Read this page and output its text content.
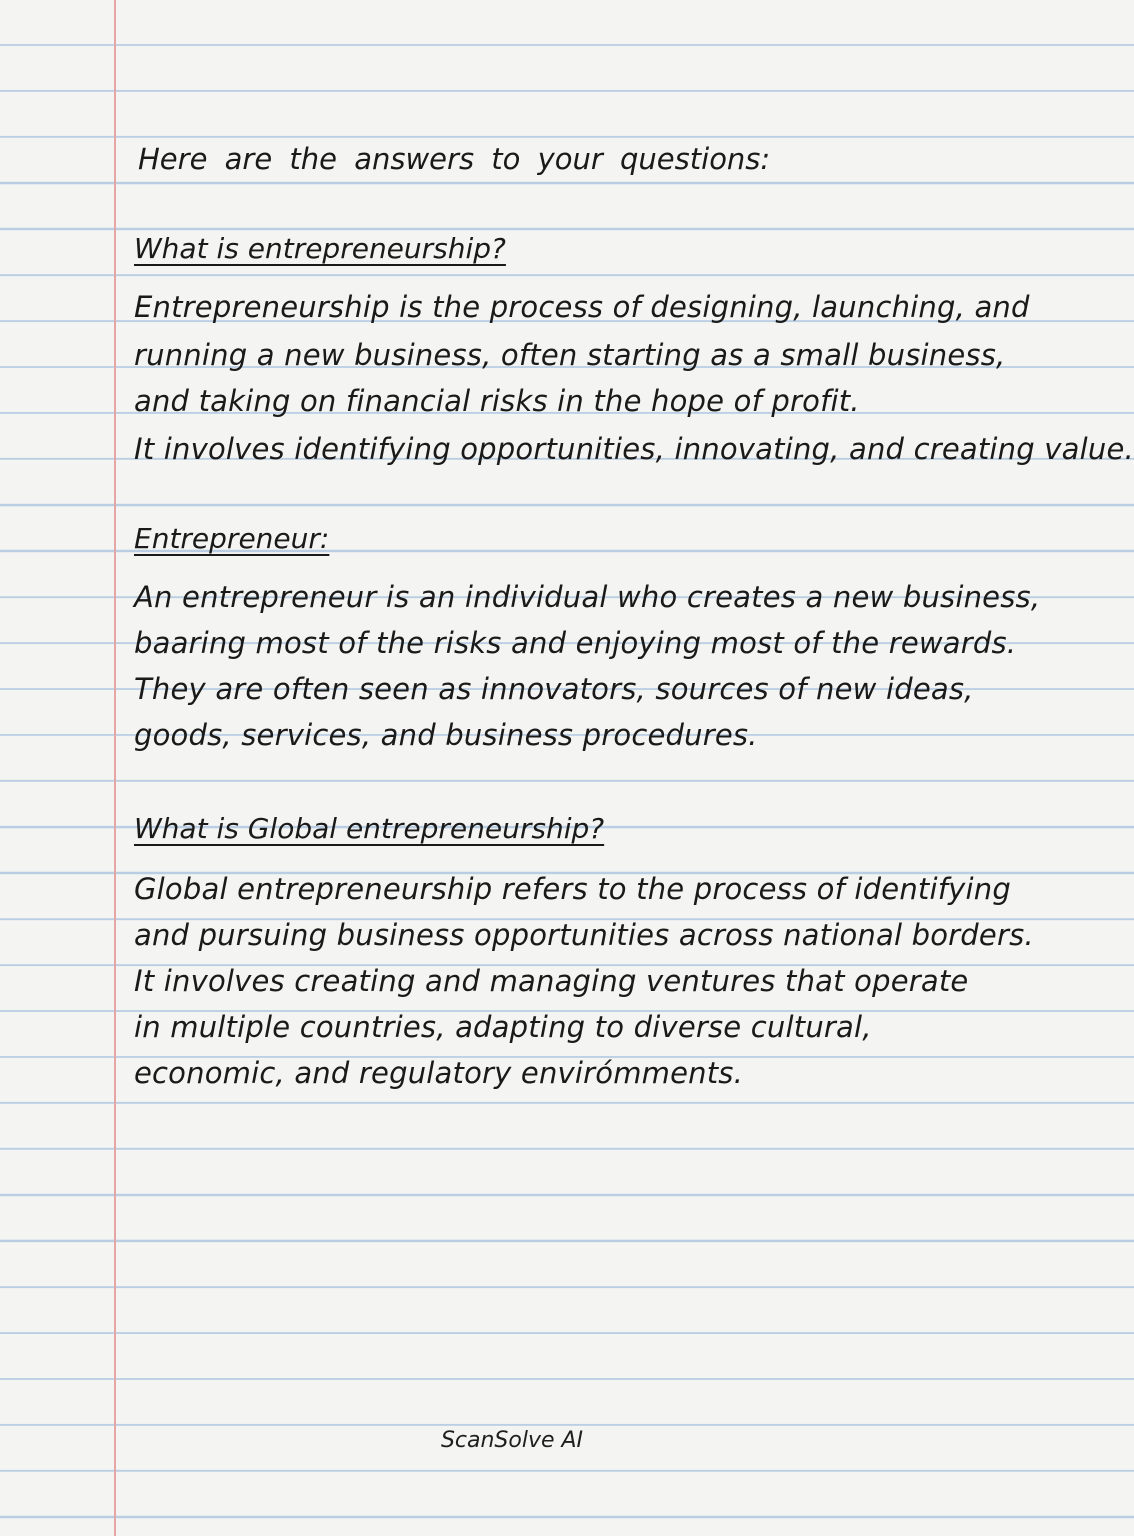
Here are the answers to your questions:
What is entrepreneurship?
Entrepreneurship is the process of designing, launching, and
running a new business, often starting as a small business,
and taking on financial risks in the hope of profit.
It involves identifying opportunities, innovating, and creating value.
Entrepreneur:
An entrepreneur is an individual who creates a new business,
baaring most of the risks and enjoying most of the rewards.
They are often seen as innovators, sources of new ideas,
goods, services, and business procedures.
What is Global entrepreneurship?
Global entrepreneurship refers to the process of identifying
and pursuing business opportunities across national borders.
It involves creating and managing ventures that operate
in multiple countries, adapting to diverse cultural,
economic, and regulatory envirómments.
ScanSolve AI
